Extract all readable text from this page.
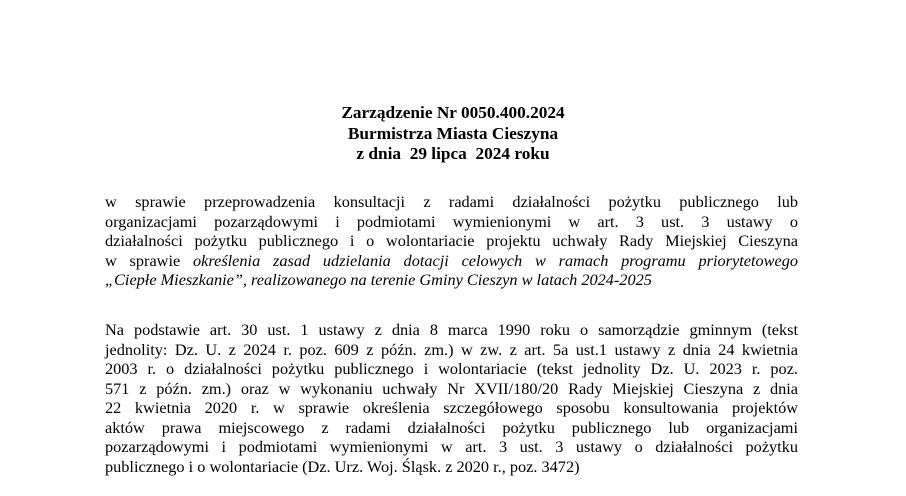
Zarządzenie Nr 0050.400.2024
Burmistrza Miasta Cieszyna
z dnia  29 lipca  2024 roku
w sprawie przeprowadzenia konsultacji z radami działalności pożytku publicznego lub
organizacjami pozarządowymi i podmiotami wymienionymi w art. 3 ust. 3 ustawy o
działalności pożytku publicznego i o wolontariacie projektu uchwały Rady Miejskiej Cieszyna
w sprawie określenia zasad udzielania dotacji celowych w ramach programu priorytetowego
„Ciepłe Mieszkanie”, realizowanego na terenie Gminy Cieszyn w latach 2024-2025
Na podstawie art. 30 ust. 1 ustawy z dnia 8 marca 1990 roku o samorządzie gminnym (tekst
jednolity: Dz. U. z 2024 r. poz. 609 z późn. zm.) w zw. z art. 5a ust.1 ustawy z dnia 24 kwietnia
2003 r. o działalności pożytku publicznego i wolontariacie (tekst jednolity Dz. U. 2023 r. poz.
571 z późn. zm.) oraz w wykonaniu uchwały Nr XVII/180/20 Rady Miejskiej Cieszyna z dnia
22 kwietnia 2020 r. w sprawie określenia szczegółowego sposobu konsultowania projektów
aktów prawa miejscowego z radami działalności pożytku publicznego lub organizacjami
pozarządowymi i podmiotami wymienionymi w art. 3 ust. 3 ustawy o działalności pożytku
publicznego i o wolontariacie (Dz. Urz. Woj. Śląsk. z 2020 r., poz. 3472)
